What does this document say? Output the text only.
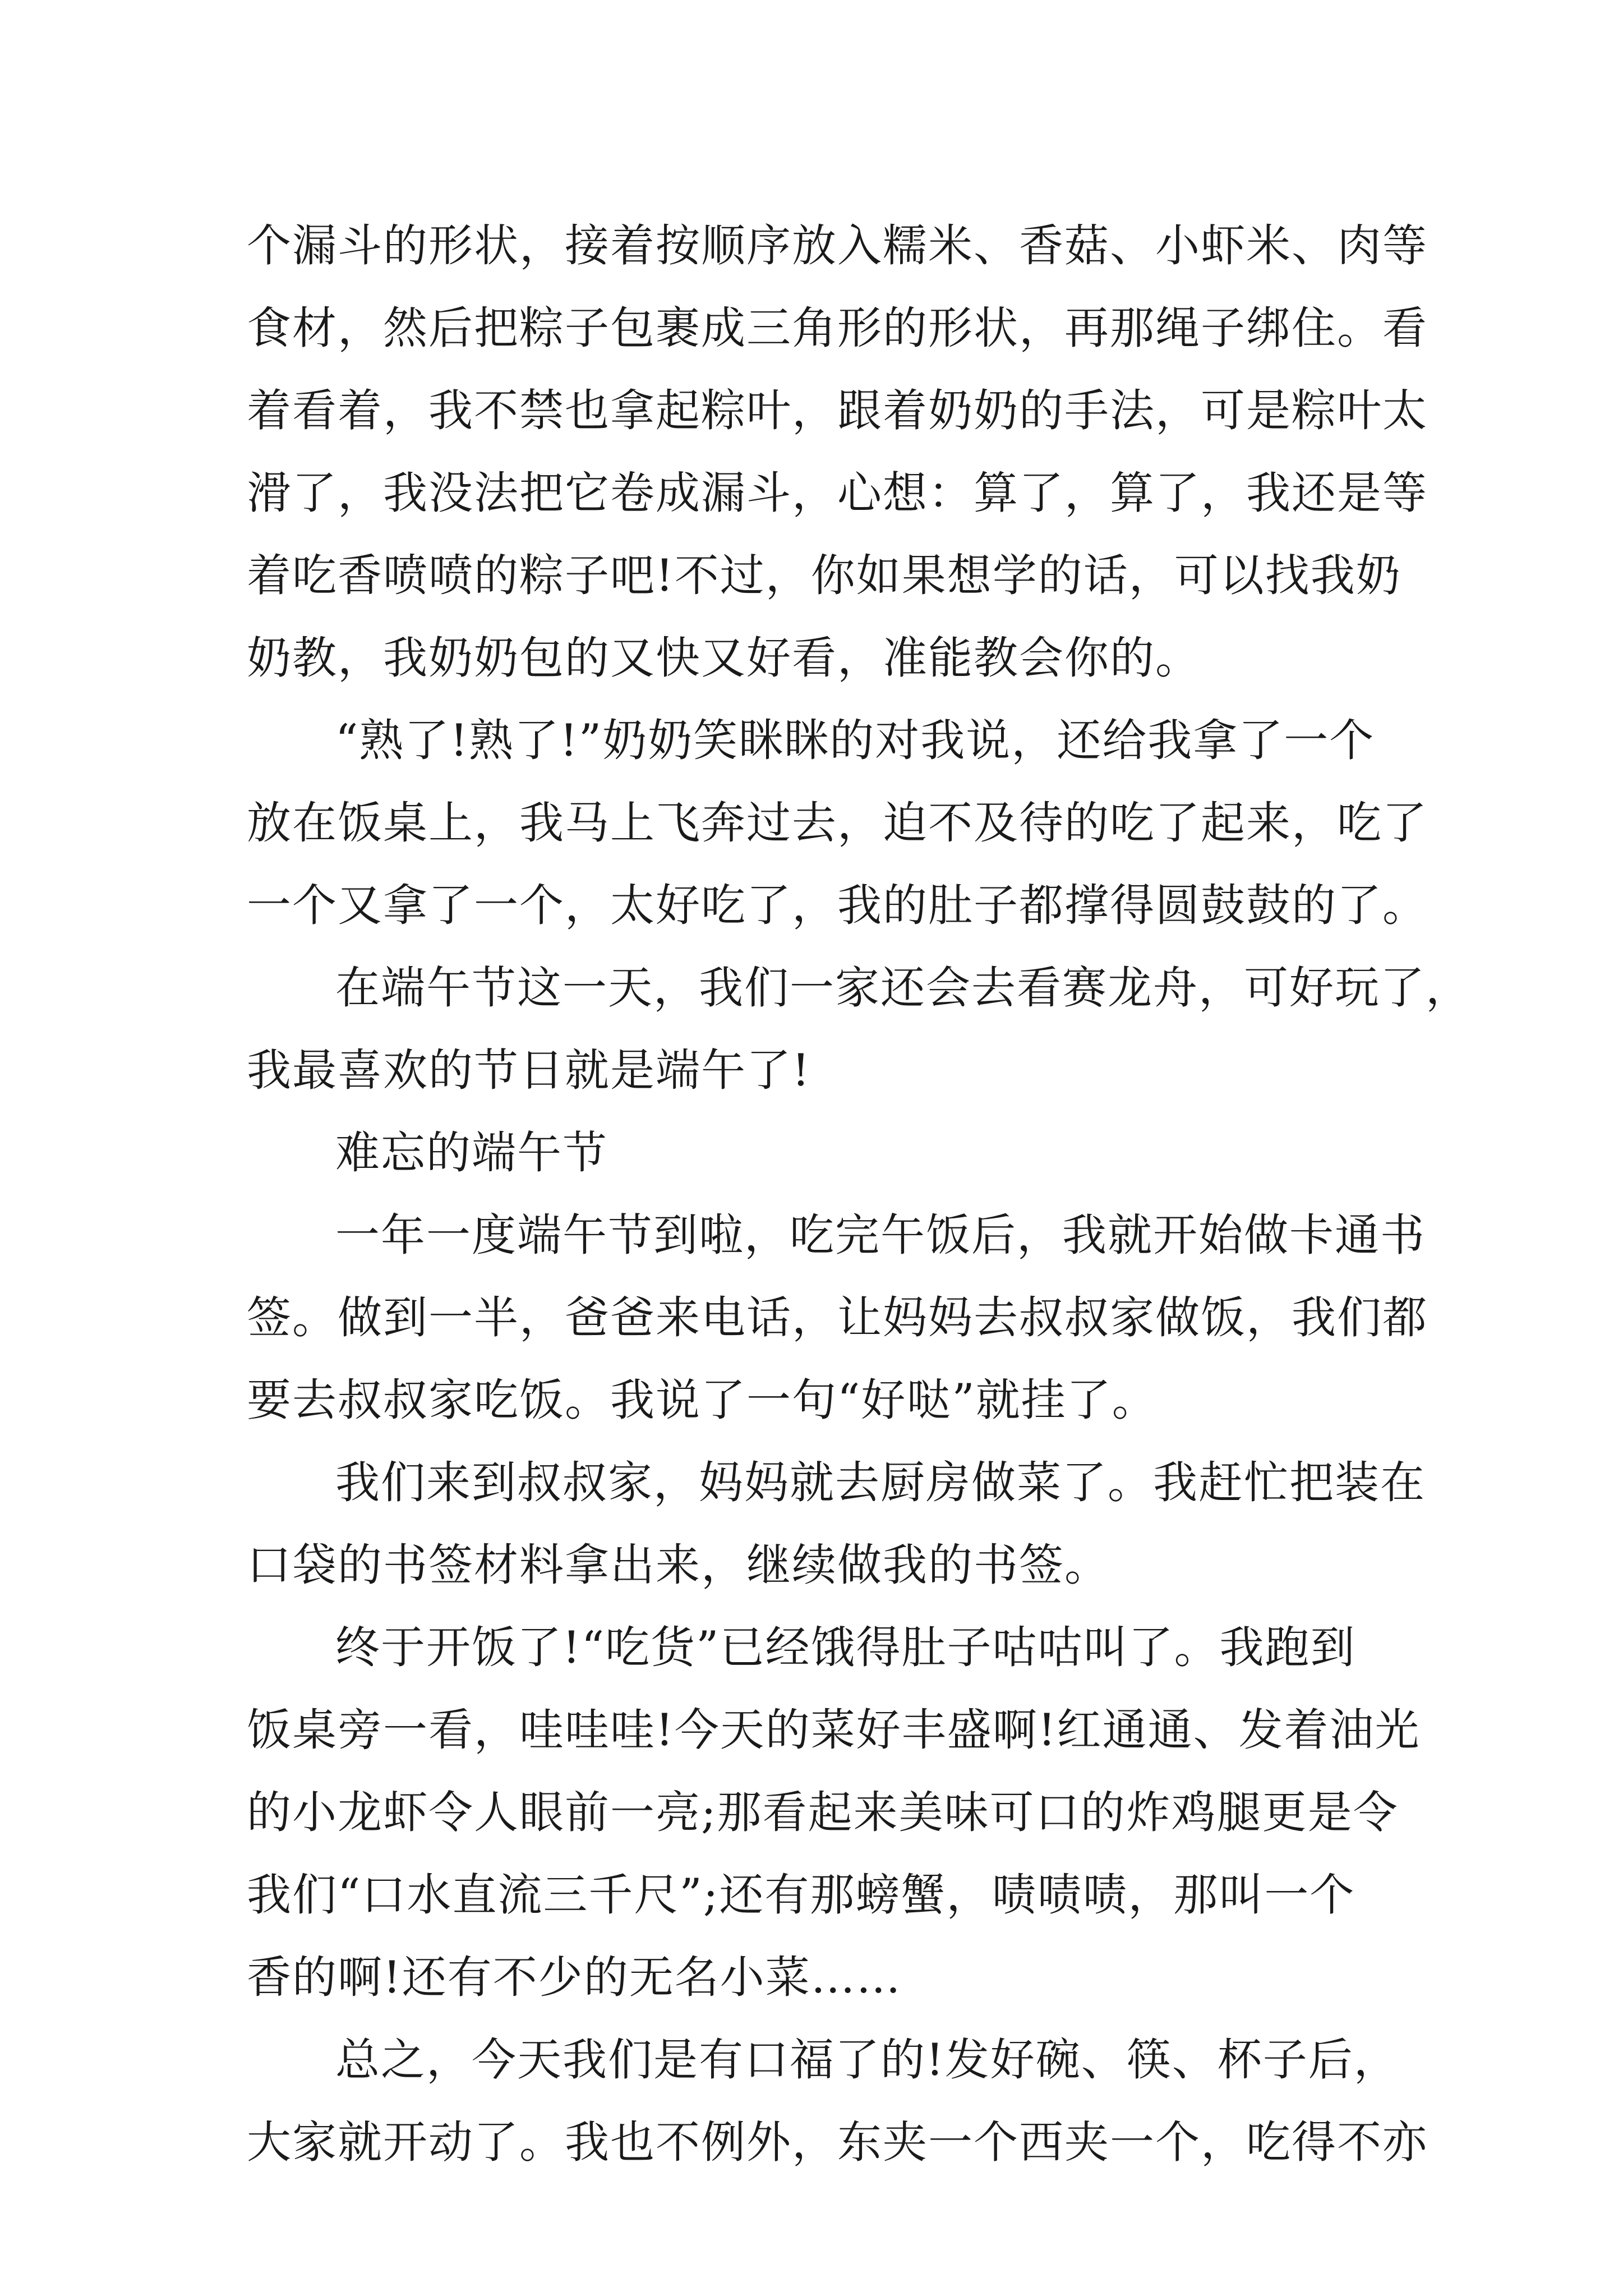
个漏斗的形状，接着按顺序放入糯米、香菇、小虾米、肉等
食材，然后把粽子包裹成三角形的形状，再那绳子绑住。看
着看着，我不禁也拿起粽叶，跟着奶奶的手法，可是粽叶太
滑了，我没法把它卷成漏斗，心想：算了，算了，我还是等
着吃香喷喷的粽子吧!不过，你如果想学的话，可以找我奶
奶教，我奶奶包的又快又好看，准能教会你的。
“熟了!熟了!”奶奶笑眯眯的对我说，还给我拿了一个
放在饭桌上，我马上飞奔过去，迫不及待的吃了起来，吃了
一个又拿了一个，太好吃了，我的肚子都撑得圆鼓鼓的了。
在端午节这一天，我们一家还会去看赛龙舟，可好玩了，
我最喜欢的节日就是端午了!
难忘的端午节
一年一度端午节到啦，吃完午饭后，我就开始做卡通书
签。做到一半，爸爸来电话，让妈妈去叔叔家做饭，我们都
要去叔叔家吃饭。我说了一句“好哒”就挂了。
我们来到叔叔家，妈妈就去厨房做菜了。我赶忙把装在
口袋的书签材料拿出来，继续做我的书签。
终于开饭了!“吃货”已经饿得肚子咕咕叫了。我跑到
饭桌旁一看，哇哇哇!今天的菜好丰盛啊!红通通、发着油光
的小龙虾令人眼前一亮;那看起来美味可口的炸鸡腿更是令
我们“口水直流三千尺”;还有那螃蟹，啧啧啧，那叫一个
香的啊!还有不少的无名小菜……
总之，今天我们是有口福了的!发好碗、筷、杯子后，
大家就开动了。我也不例外，东夹一个西夹一个，吃得不亦
